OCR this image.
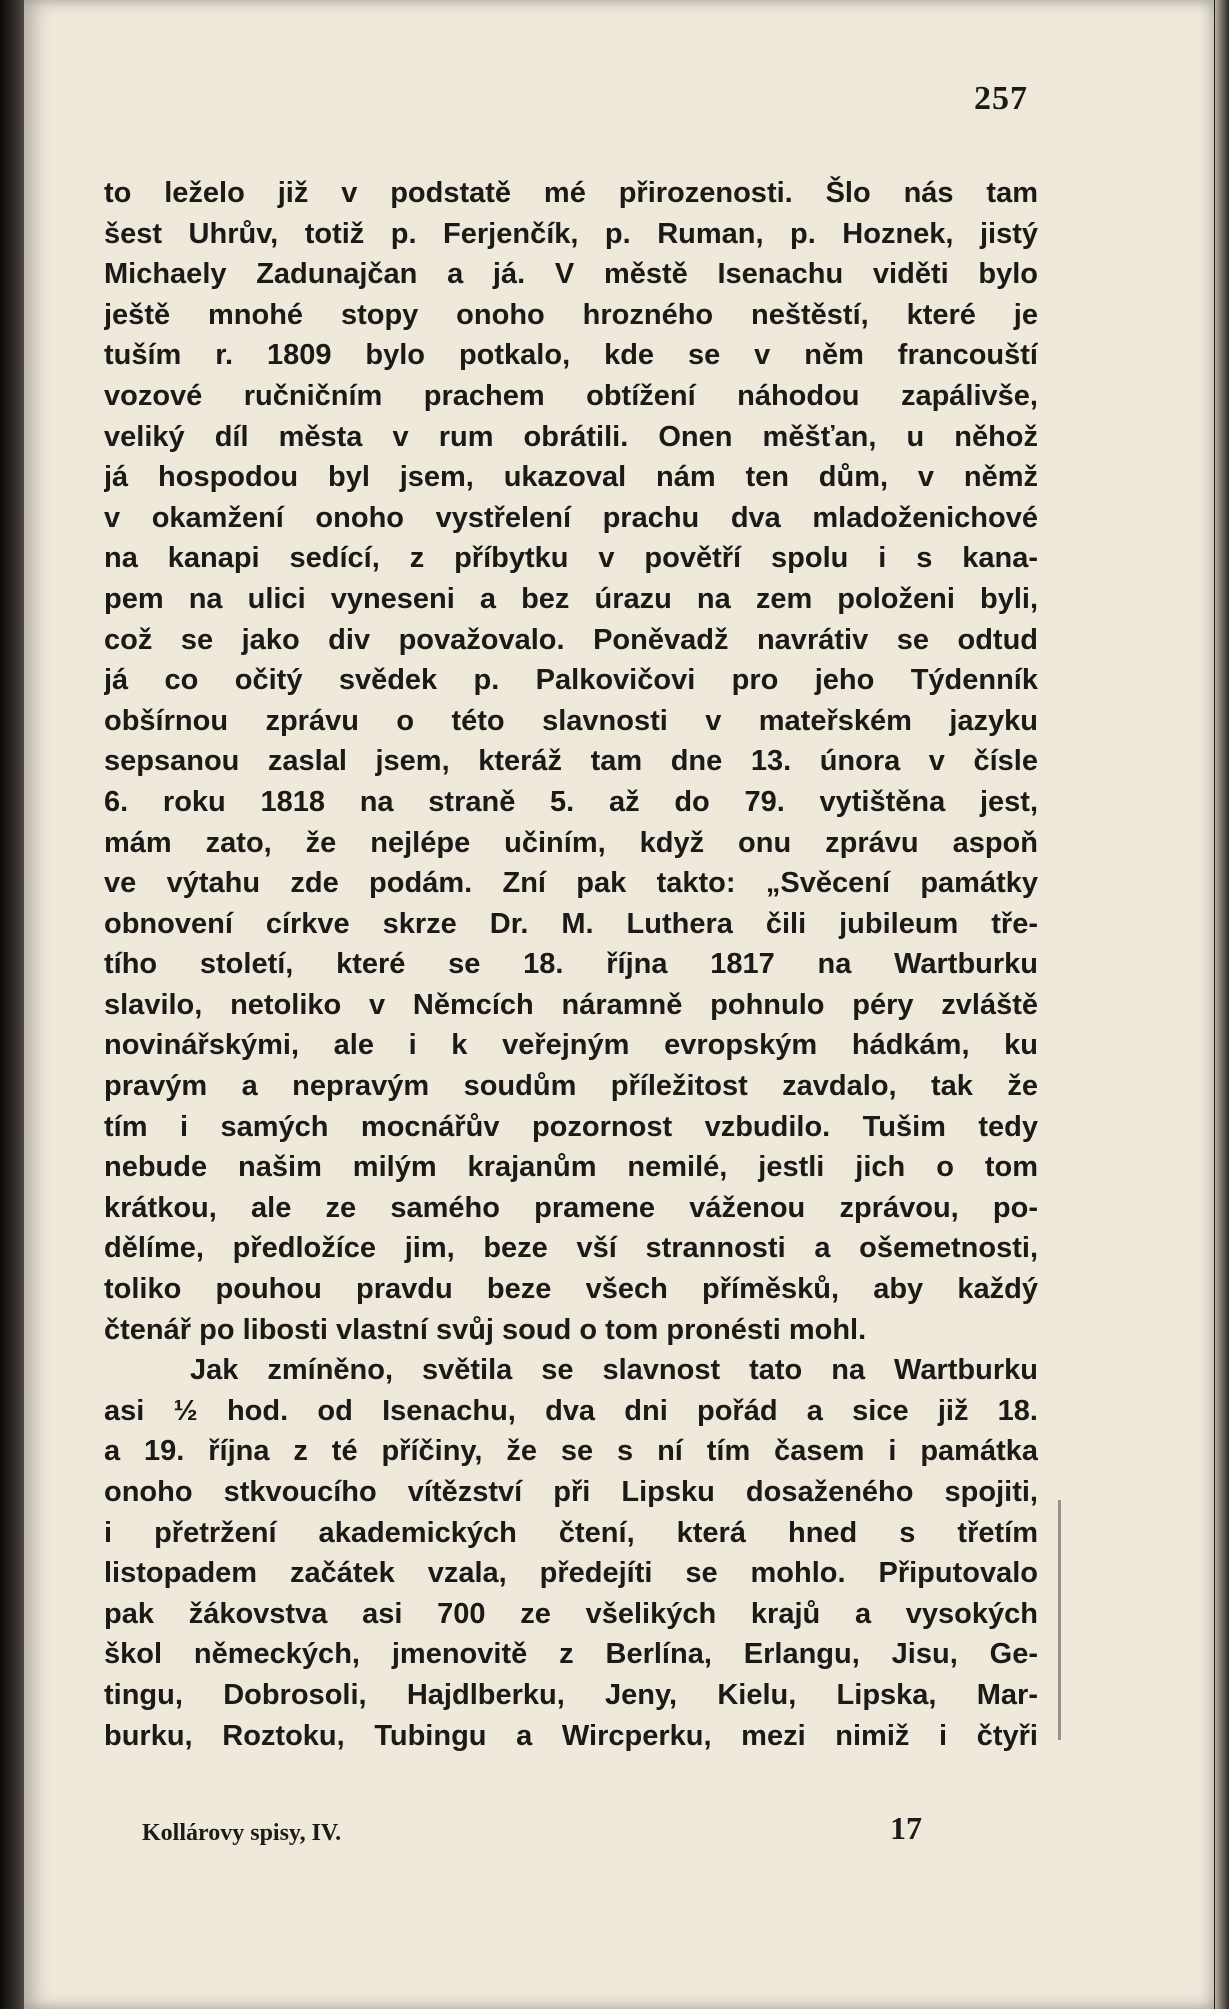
257
to leželo již v podstatě mé přirozenosti. Šlo nás tam
šest Uhrův, totiž p. Ferjenčík, p. Ruman, p. Hoznek, jistý
Michaely Zadunajčan a já. V městě Isenachu viděti bylo
ještě mnohé stopy onoho hrozného neštěstí, které je
tuším r. 1809 bylo potkalo, kde se v něm francouští
vozové ručničním prachem obtížení náhodou zapálivše,
veliký díl města v rum obrátili. Onen měšťan, u něhož
já hospodou byl jsem, ukazoval nám ten dům, v němž
v okamžení onoho vystřelení prachu dva mladoženichové
na kanapi sedící, z příbytku v povětří spolu i s kana-
pem na ulici vyneseni a bez úrazu na zem položeni byli,
což se jako div považovalo. Poněvadž navrátiv se odtud
já co očitý svědek p. Palkovičovi pro jeho Týdenník
obšírnou zprávu o této slavnosti v mateřském jazyku
sepsanou zaslal jsem, kteráž tam dne 13. února v čísle
6. roku 1818 na straně 5. až do 79. vytištěna jest,
mám zato, že nejlépe učiním, když onu zprávu aspoň
ve výtahu zde podám. Zní pak takto: „Svěcení památky
obnovení církve skrze Dr. M. Luthera čili jubileum tře-
tího století, které se 18. října 1817 na Wartburku
slavilo, netoliko v Němcích náramně pohnulo péry zvláště
novinářskými, ale i k veřejným evropským hádkám, ku
pravým a nepravým soudům příležitost zavdalo, tak že
tím i samých mocnářův pozornost vzbudilo. Tušim tedy
nebude našim milým krajanům nemilé, jestli jich o tom
krátkou, ale ze samého pramene váženou zprávou, po-
dělíme, předložíce jim, beze vší strannosti a ošemetnosti,
toliko pouhou pravdu beze všech příměsků, aby každý
čtenář po libosti vlastní svůj soud o tom pronésti mohl.
Jak zmíněno, světila se slavnost tato na Wartburku
asi ½ hod. od Isenachu, dva dni pořád a sice již 18.
a 19. října z té příčiny, že se s ní tím časem i památka
onoho stkvoucího vítězství při Lipsku dosaženého spojiti,
i přetržení akademických čtení, která hned s třetím
listopadem začátek vzala, předejíti se mohlo. Připutovalo
pak žákovstva asi 700 ze všelikých krajů a vysokých
škol německých, jmenovitě z Berlína, Erlangu, Jisu, Ge-
tingu, Dobrosoli, Hajdlberku, Jeny, Kielu, Lipska, Mar-
burku, Roztoku, Tubingu a Wircperku, mezi nimiž i čtyři
Kollárovy spisy, IV.	17
